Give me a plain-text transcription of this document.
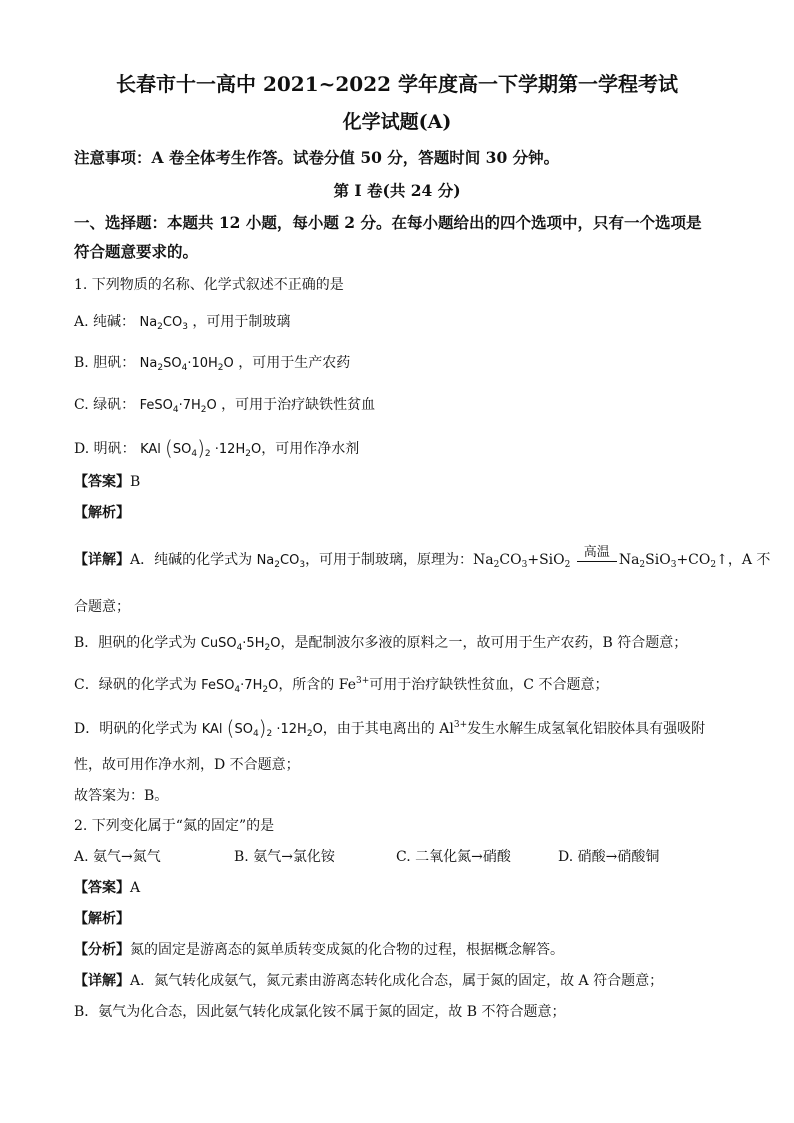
长春市十一高中 2021~2022 学年度高一下学期第一学程考试
化学试题(A)
注意事项：A 卷全体考生作答。试卷分值 50 分，答题时间 30 分钟。
第 I 卷(共 24 分)
一、选择题：本题共 12 小题，每小题 2 分。在每小题给出的四个选项中，只有一个选项是
符合题意要求的。
1. 下列物质的名称、化学式叙述不正确的是
A. 纯碱： $Na_2CO_3$ ，可用于制玻璃
B. 胆矾： $Na_2SO_4\cdot 10H_2O$ ，可用于生产农药
C. 绿矾： $FeSO_4\cdot 7H_2O$ ，可用于治疗缺铁性贫血
D. 明矾： KAl $(SO_4)_2 \cdot 12H_2O$，可用作净水剂
【答案】B
【解析】
【详解】A．纯碱的化学式为 $Na_2CO_3$，可用于制玻璃，原理为：$Na_2CO_3+SiO_2$
高温 $Na_2SiO_3+CO_2↑$，A 不
合题意；
B．胆矾的化学式为 $CuSO_4\cdot 5H_2O$，是配制波尔多液的原料之一，故可用于生产农药，B 符合题意；
C．绿矾的化学式为 $FeSO_4\cdot 7H_2O$，所含的 $Fe^{3+}$可用于治疗缺铁性贫血，C 不合题意；
D．明矾的化学式为 KAl $(SO_4)_2 \cdot 12H_2O$，由于其电离出的 $Al^{3+}$发生水解生成氢氧化铝胶体具有强吸附
性，故可用作净水剂，D 不合题意；
故答案为：B。
2. 下列变化属于“氮的固定”的是
A. 氨气→氮气	B. 氨气→氯化铵	C. 二氧化氮→硝酸	D. 硝酸→硝酸铜
【答案】A
【解析】
【分析】氮的固定是游离态的氮单质转变成氮的化合物的过程，根据概念解答。
【详解】A．氮气转化成氨气，氮元素由游离态转化成化合态，属于氮的固定，故 A 符合题意；
B．氨气为化合态，因此氨气转化成氯化铵不属于氮的固定，故 B 不符合题意；
